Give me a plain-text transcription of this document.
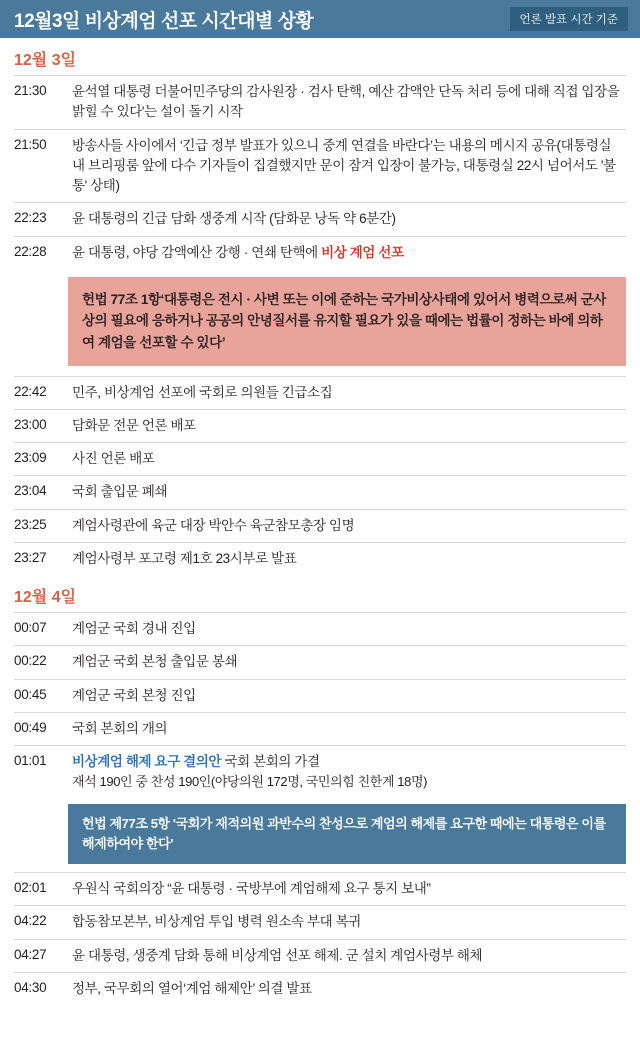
12월3일 비상계엄 선포 시간대별 상황	언론 발표 시간 기준
12월 3일
21:30	윤석열 대통령 더불어민주당의 감사원장 · 검사 탄핵, 예산 감액안 단독 처리 등에 대해 직접 입장을 밝힐 수 있다'는 설이 돌기 시작
21:50	방송사들 사이에서 ‘긴급 정부 발표가 있으니 중계 연결을 바란다’는 내용의 메시지 공유(대통령실 내 브리핑룸 앞에 다수 기자들이 집결했지만 문이 잠겨 입장이 불가능, 대통령실 22시 넘어서도 '불통' 상태)
22:23	윤 대통령의 긴급 담화 생중계 시작 (담화문 낭독 약 6분간)
22:28	윤 대통령, 야당 감액예산 강행 · 연쇄 탄핵에 비상 계엄 선포
헌법 77조 1항‘대통령은 전시 · 사변 또는 이에 준하는 국가비상사태에 있어서 병력으로써 군사상의 필요에 응하거나 공공의 안녕질서를 유지할 필요가 있을 때에는 법률이 정하는 바에 의하여 계엄을 선포할 수 있다’
22:42	민주, 비상계엄 선포에 국회로 의원들 긴급소집
23:00	담화문 전문 언론 배포
23:09	사진 언론 배포
23:04	국회 출입문 폐쇄
23:25	계엄사령관에 육군 대장 박안수 육군참모총장 임명
23:27	계엄사령부 포고령 제1호 23시부로 발표
12월 4일
00:07	계엄군 국회 경내 진입
00:22	계엄군 국회 본청 출입문 봉쇄
00:45	계엄군 국회 본청 진입
00:49	국회 본회의 개의
01:01	비상계엄 해제 요구 결의안 국회 본회의 가결
재석 190인 중 찬성 190인(야당의원 172명, 국민의힘 친한계 18명)
헌법 제77조 5항 '국회가 재적의원 과반수의 찬성으로 계엄의 해제를 요구한 때에는 대통령은 이를 해제하여야 한다'
02:01	우원식 국회의장 “윤 대통령 · 국방부에 계엄해제 요구 통지 보내”
04:22	합동참모본부, 비상계엄 투입 병력 원소속 부대 복귀
04:27	윤 대통령, 생중계 담화 통해 비상계엄 선포 해제. 군 설치 계엄사령부 해체
04:30	정부, 국무회의 열어‘계엄 해제안’ 의결 발표
